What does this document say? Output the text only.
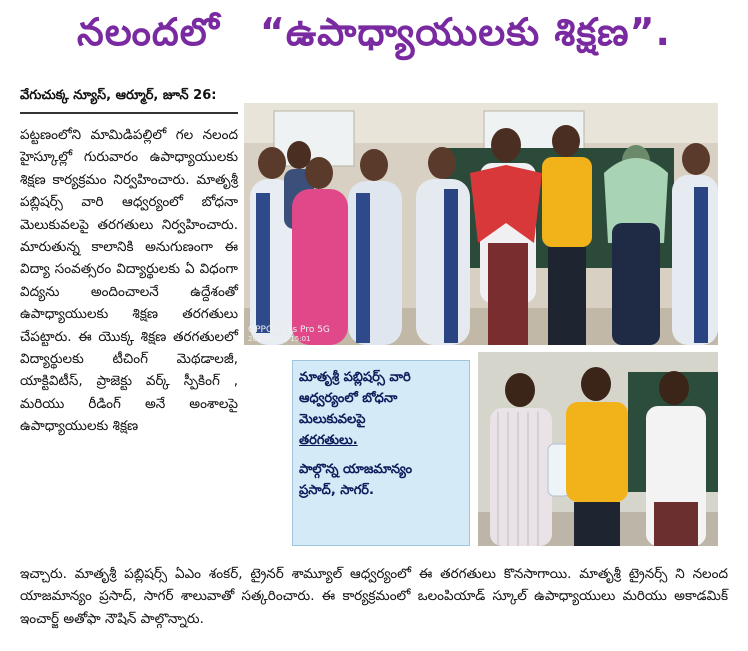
నలందలో “ఉపాధ్యాయులకు శిక్షణ”.
వేగుచుక్క న్యూస్, ఆర్మూర్, జూన్ 26:

పట్టణంలోని మామిడిపల్లిలో గల నలంద హైస్కూల్లో గురువారం ఉపాధ్యాయులకు శిక్షణ కార్యక్రమం నిర్వహించారు. మాతృశ్రీ పబ్లిషర్స్ వారి ఆధ్వర్యంలో బోధనా మెలుకువలపై తరగతులు నిర్వహించారు. మారుతున్న కాలానికి అనుగుణంగా ఈ విద్యా సంవత్సరం విద్యార్థులకు ఏ విధంగా విద్యను అందించాలనే ఉద్దేశంతో ఉపాధ్యాయులకు శిక్షణ తరగతులు చేపట్టారు. ఈ యొక్క శిక్షణ తరగతులలో విద్యార్థులకు టీచింగ్ మెథడాలజీ, యాక్టివిటీస్, ప్రాజెక్టు వర్క్ స్పీకింగ్ , మరియు రీడింగ్ అనే అంశాలపై ఉపాధ్యాయులకు శిక్షణ

OPPO F21s Pro 5G
2025.06.26 15:01
మాతృశ్రీ పబ్లిషర్స్ వారి
ఆధ్వర్యంలో బోధనా
మెలుకువలపై
తరగతులు.
పాల్గొన్న యాజమాన్యం
ప్రసాద్, సాగర్.

ఇచ్చారు. మాతృశ్రీ పబ్లిషర్స్ ఏఎం శంకర్, ట్రైనర్ శామ్యూల్ ఆధ్వర్యంలో ఈ తరగతులు కొనసాగాయి. మాతృశ్రీ ట్రైనర్స్ ని నలంద యాజమాన్యం ప్రసాద్, సాగర్ శాలువాతో సత్కరించారు. ఈ కార్యక్రమంలో ఒలంపియాడ్ స్కూల్ ఉపాధ్యాయులు మరియు అకాడమిక్ ఇంచార్జ్ అతోఫా నౌషిన్ పాల్గొన్నారు.
